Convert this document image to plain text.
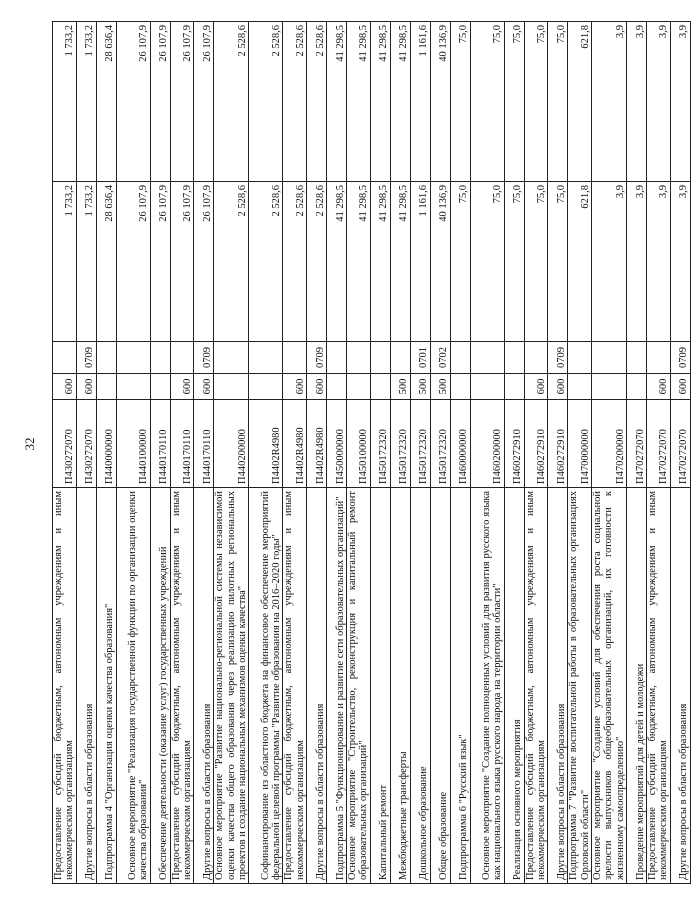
32
Предоставление субсидий бюджетным, автономным учреждениям и иным некоммерческим организациям	П430272070	600		1 733,2	1 733,2
Другие вопросы в области образования	П430272070	600	0709	1 733,2	1 733,2
Подпрограмма 4 "Организация оценки качества образования"	П440000000			28 636,4	28 636,4
Основное мероприятие "Реализация государственной функции по организации оценки качества образования"	П440100000			26 107,9	26 107,9
Обеспечение деятельности (оказание услуг) государственных учреждений	П440170110			26 107,9	26 107,9
Предоставление субсидий бюджетным, автономным учреждениям и иным некоммерческим организациям	П440170110	600		26 107,9	26 107,9
Другие вопросы в области образования	П440170110	600	0709	26 107,9	26 107,9
Основное мероприятие "Развитие национально-региональной системы независимой оценки качества общего образования через реализацию пилотных региональных проектов и создание национальных механизмов оценки качества"	П440200000			2 528,6	2 528,6
Софинансирование из областного бюджета на финансовое обеспечение мероприятий федеральной целевой программы "Развитие образования на 2016–2020 годы"	П4402R4980			2 528,6	2 528,6
Предоставление субсидий бюджетным, автономным учреждениям и иным некоммерческим организациям	П4402R4980	600		2 528,6	2 528,6
Другие вопросы в области образования	П4402R4980	600	0709	2 528,6	2 528,6
Подпрограмма 5 "Функционирование и развитие сети образовательных организаций"	П450000000			41 298,5	41 298,5
Основное мероприятие "Строительство, реконструкция и капитальный ремонт образовательных организаций"	П450100000			41 298,5	41 298,5
Капитальный ремонт	П450172320			41 298,5	41 298,5
Межбюджетные трансферты	П450172320	500		41 298,5	41 298,5
Дошкольное образование	П450172320	500	0701	1 161,6	1 161,6
Общее образование	П450172320	500	0702	40 136,9	40 136,9
Подпрограмма 6 "Русский язык"	П460000000			75,0	75,0
Основное мероприятие "Создание полноценных условий для развития русского языка как национального языка русского народа на территории области"	П460200000			75,0	75,0
Реализация основного мероприятия	П460272910			75,0	75,0
Предоставление субсидий бюджетным, автономным учреждениям и иным некоммерческим организациям	П460272910	600		75,0	75,0
Другие вопросы в области образования	П460272910	600	0709	75,0	75,0
Подпрограмма 7 "Развитие воспитательной работы в образовательных организациях Орловской области"	П470000000			621,8	621,8
Основное мероприятие "Создание условий для обеспечения роста социальной зрелости выпускников общеобразовательных организаций, их готовности к жизненному самоопределению"	П470200000			3,9	3,9
Проведение мероприятий для детей и молодежи	П470272070			3,9	3,9
Предоставление субсидий бюджетным, автономным учреждениям и иным некоммерческим организациям	П470272070	600		3,9	3,9
Другие вопросы в области образования	П470272070	600	0709	3,9	3,9
